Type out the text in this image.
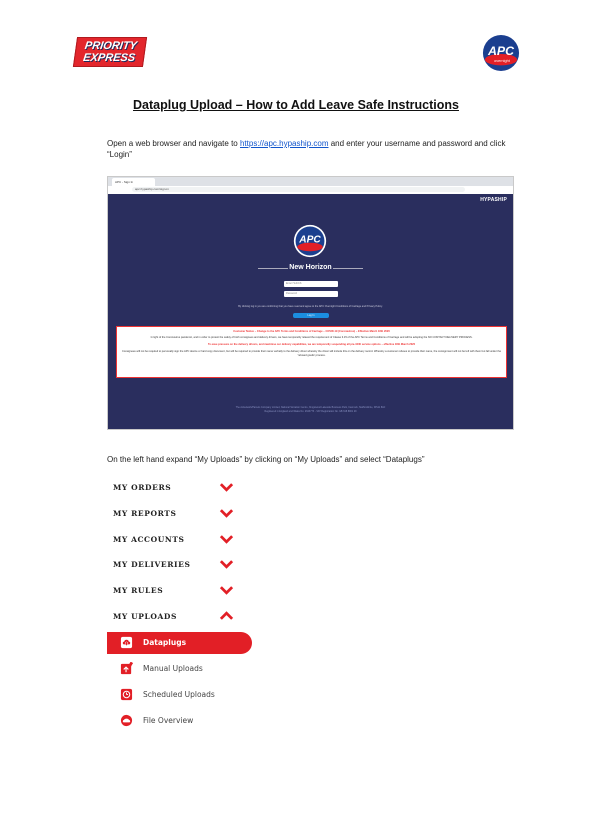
PRIORITY
EXPRESS
APC
overnight
Dataplug Upload – How to Add Leave Safe Instructions
Open a web browser and navigate to https://apc.hypaship.com and enter your username and password and click “Login”
APC - Sign In
apc.hypaship.com/sign-in
HYPASHIP
APC
New Horizon
Enter Hub/CS
Password
By clicking log in you are confirming that you have read and agree to the APC Overnight Conditions of Carriage and Privacy Policy.
Log In
Customer Notice – Change to the APC Terms and Conditions of Carriage – COVID-19 (Coronavirus) – Effective March 18th 2020
In light of the Coronavirus pandemic, and in order to protect the safety of both consignees and delivery drivers, we have temporarily relaxed the requirement of Clause 3.15 of the APC Terms and Conditions of Carriage and will be adopting the NO CONTACT DELIVERY PROCESS.
To ease pressure on the delivery drivers, and maximise our delivery capabilities, we are temporarily suspending all pre-1030 service options – effective 18th March 2020
Consignees will not be required to personally sign the APC device or hard copy document, but will be required to provide their name verbally to the delivery driver whereby the driver will include this on the delivery record. Whereby a customer refuses to provide their name, the consignment will not be left with them but fall under the 'refused goods' process.
The Adnetwork/Parcels Company Limited, National Sortation Centre, Kingswood Lakeside Business Park, Cannock, Staffordshire, WS11 8LD
Registered in England and Wales No. 2623773 - VAT Registration No. GB 618 8901 29
On the left hand expand “My Uploads” by clicking on “My Uploads” and select “Dataplugs”
MY ORDERS
MY REPORTS
MY ACCOUNTS
MY DELIVERIES
MY RULES
MY UPLOADS
Dataplugs
Manual Uploads
Scheduled Uploads
File Overview
